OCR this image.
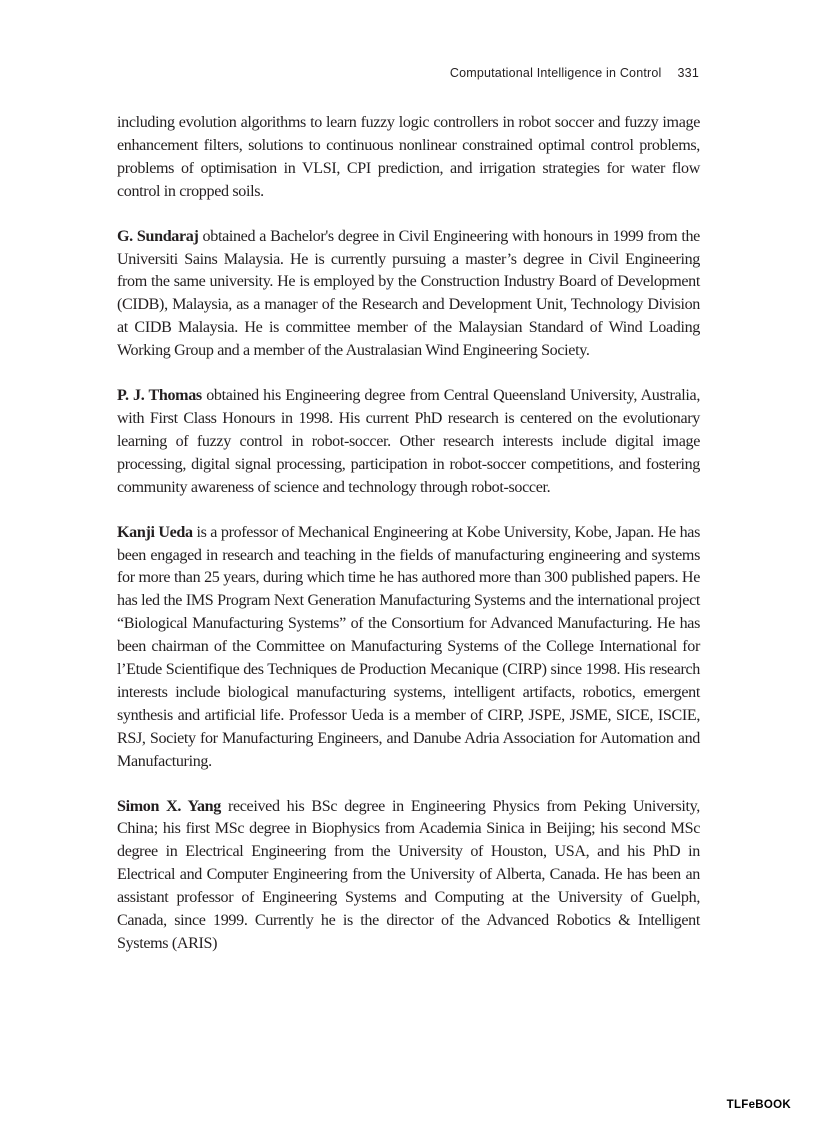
Computational Intelligence in Control 331

including evolution algorithms to learn fuzzy logic controllers in robot soccer and fuzzy image enhancement filters, solutions to continuous nonlinear constrained optimal control problems, problems of optimisation in VLSI, CPI prediction, and irrigation strategies for water flow control in cropped soils.

G. Sundaraj obtained a Bachelor's degree in Civil Engineering with honours in 1999 from the Universiti Sains Malaysia. He is currently pursuing a master’s degree in Civil Engineering from the same university. He is employed by the Construction Industry Board of Development (CIDB), Malaysia, as a manager of the Research and Development Unit, Technology Division at CIDB Malaysia. He is committee member of the Malaysian Standard of Wind Loading Working Group and a member of the Australasian Wind Engineering Society.

P. J. Thomas obtained his Engineering degree from Central Queensland University, Australia, with First Class Honours in 1998. His current PhD research is centered on the evolutionary learning of fuzzy control in robot-soccer. Other research interests include digital image processing, digital signal processing, participation in robot-soccer competitions, and fostering community awareness of science and technology through robot-soccer.

Kanji Ueda is a professor of Mechanical Engineering at Kobe University, Kobe, Japan. He has been engaged in research and teaching in the fields of manufacturing engineering and systems for more than 25 years, during which time he has authored more than 300 published papers. He has led the IMS Program Next Generation Manufacturing Systems and the international project “Biological Manufacturing Systems” of the Consortium for Advanced Manufacturing. He has been chairman of the Committee on Manufacturing Systems of the College International for l’Etude Scientifique des Techniques de Production Mecanique (CIRP) since 1998. His research interests include biological manufacturing systems, intelligent artifacts, robotics, emergent synthesis and artificial life. Professor Ueda is a member of CIRP, JSPE, JSME, SICE, ISCIE, RSJ, Society for Manufacturing Engineers, and Danube Adria Association for Automation and Manufacturing.

Simon X. Yang received his BSc degree in Engineering Physics from Peking University, China; his first MSc degree in Biophysics from Academia Sinica in Beijing; his second MSc degree in Electrical Engineering from the University of Houston, USA, and his PhD in Electrical and Computer Engineering from the University of Alberta, Canada. He has been an assistant professor of Engineering Systems and Computing at the University of Guelph, Canada, since 1999. Currently he is the director of the Advanced Robotics & Intelligent Systems (ARIS)

TLFeBOOK
